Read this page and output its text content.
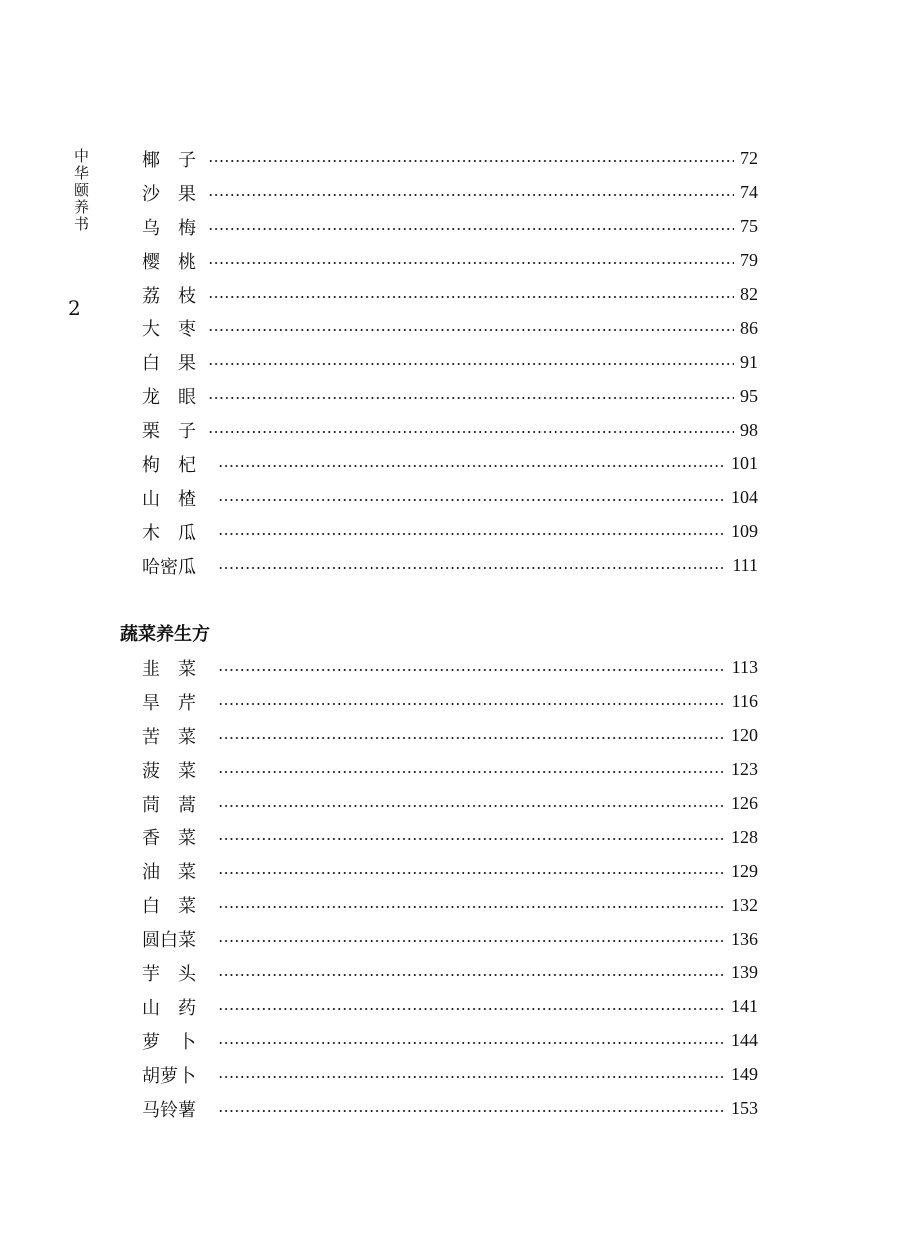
中华颐养书
2
椰　子	72
沙　果	74
乌　梅	75
樱　桃	79
荔　枝	82
大　枣	86
白　果	91
龙　眼	95
栗　子	98
枸　杞	101
山　楂	104
木　瓜	109
哈密瓜	111
蔬菜养生方
韭　菜	113
旱　芹	116
苦　菜	120
菠　菜	123
茼　蒿	126
香　菜	128
油　菜	129
白　菜	132
圆白菜	136
芋　头	139
山　药	141
萝　卜	144
胡萝卜	149
马铃薯	153
